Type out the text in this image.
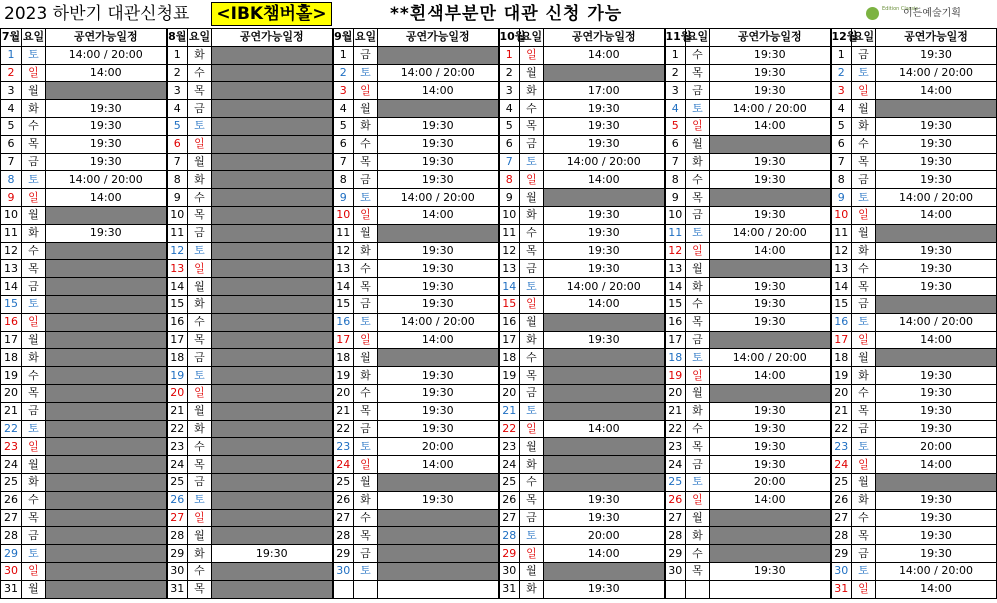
2023 하반기 대관신청표	<IBK챔버홀>	**흰색부분만 대관 신청 가능	Edition Classic
이든예술기획
7월	요일	공연가능일정	8월	요일	공연가능일정	9월	요일	공연가능일정	10월	요일	공연가능일정	11월	요일	공연가능일정	12월	요일	공연가능일정
1	토	14:00 / 20:00	1	화		1	금		1	일	14:00	1	수	19:30	1	금	19:30
2	일	14:00	2	수		2	토	14:00 / 20:00	2	월		2	목	19:30	2	토	14:00 / 20:00
3	월		3	목		3	일	14:00	3	화	17:00	3	금	19:30	3	일	14:00
4	화	19:30	4	금		4	월		4	수	19:30	4	토	14:00 / 20:00	4	월	
5	수	19:30	5	토		5	화	19:30	5	목	19:30	5	일	14:00	5	화	19:30
6	목	19:30	6	일		6	수	19:30	6	금	19:30	6	월		6	수	19:30
7	금	19:30	7	월		7	목	19:30	7	토	14:00 / 20:00	7	화	19:30	7	목	19:30
8	토	14:00 / 20:00	8	화		8	금	19:30	8	일	14:00	8	수	19:30	8	금	19:30
9	일	14:00	9	수		9	토	14:00 / 20:00	9	월		9	목		9	토	14:00 / 20:00
10	월		10	목		10	일	14:00	10	화	19:30	10	금	19:30	10	일	14:00
11	화	19:30	11	금		11	월		11	수	19:30	11	토	14:00 / 20:00	11	월	
12	수		12	토		12	화	19:30	12	목	19:30	12	일	14:00	12	화	19:30
13	목		13	일		13	수	19:30	13	금	19:30	13	월		13	수	19:30
14	금		14	월		14	목	19:30	14	토	14:00 / 20:00	14	화	19:30	14	목	19:30
15	토		15	화		15	금	19:30	15	일	14:00	15	수	19:30	15	금	
16	일		16	수		16	토	14:00 / 20:00	16	월		16	목	19:30	16	토	14:00 / 20:00
17	월		17	목		17	일	14:00	17	화	19:30	17	금		17	일	14:00
18	화		18	금		18	월		18	수		18	토	14:00 / 20:00	18	월	
19	수		19	토		19	화	19:30	19	목		19	일	14:00	19	화	19:30
20	목		20	일		20	수	19:30	20	금		20	월		20	수	19:30
21	금		21	월		21	목	19:30	21	토		21	화	19:30	21	목	19:30
22	토		22	화		22	금	19:30	22	일	14:00	22	수	19:30	22	금	19:30
23	일		23	수		23	토	20:00	23	월		23	목	19:30	23	토	20:00
24	월		24	목		24	일	14:00	24	화		24	금	19:30	24	일	14:00
25	화		25	금		25	월		25	수		25	토	20:00	25	월	
26	수		26	토		26	화	19:30	26	목	19:30	26	일	14:00	26	화	19:30
27	목		27	일		27	수		27	금	19:30	27	월		27	수	19:30
28	금		28	월		28	목		28	토	20:00	28	화		28	목	19:30
29	토		29	화	19:30	29	금		29	일	14:00	29	수		29	금	19:30
30	일		30	수		30	토		30	월		30	목	19:30	30	토	14:00 / 20:00
31	월		31	목					31	화	19:30				31	일	14:00
